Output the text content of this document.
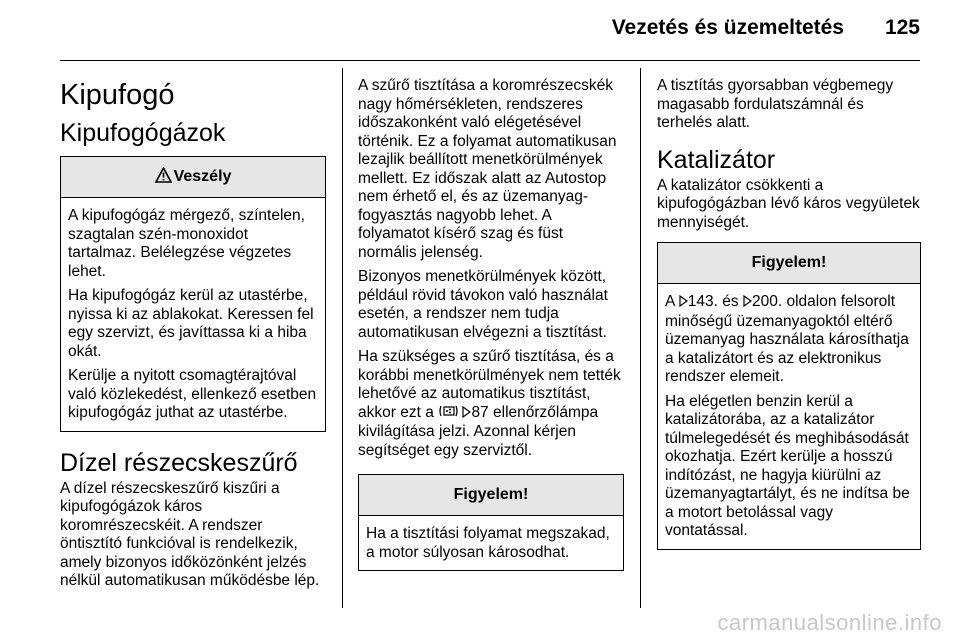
Vezetés és üzemeltetés 125
Kipufogó
Kipufogógázok
Veszély

A kipufogógáz mérgező, színtelen, szagtalan szén-monoxidot tartalmaz. Belélegzése végzetes lehet.

Ha kipufogógáz kerül az utastérbe, nyissa ki az ablakokat. Keressen fel egy szervizt, és javíttassa ki a hiba okát.

Kerülje a nyitott csomagtérajtóval való közlekedést, ellenkező esetben kipufogógáz juthat az utastérbe.

Dízel részecskeszűrő

A dízel részecskeszűrő kiszűri a kipufogógázok káros koromrészecskéit. A rendszer öntisztító funkcióval is rendelkezik, amely bizonyos időközönként jelzés nélkül automatikusan működésbe lép.

A szűrő tisztítása a koromrészecskék nagy hőmérsékleten, rendszeres időszakonként való elégetésével történik. Ez a folyamat automatikusan lezajlik beállított menetkörülmények mellett. Ez időszak alatt az Autostop nem érhető el, és az üzemanyag-fogyasztás nagyobb lehet. A folyamatot kísérő szag és füst normális jelenség.

Bizonyos menetkörülmények között, például rövid távokon való használat esetén, a rendszer nem tudja automatikusan elvégezni a tisztítást.

Ha szükséges a szűrő tisztítása, és a korábbi menetkörülmények nem tették lehetővé az automatikus tisztítást, akkor ezt a 87 ellenőrzőlámpa kivilágítása jelzi. Azonnal kérjen segítséget egy szerviztől.

Figyelem!

Ha a tisztítási folyamat megszakad, a motor súlyosan károsodhat.

A tisztítás gyorsabban végbemegy magasabb fordulatszámnál és terhelés alatt.

Katalizátor

A katalizátor csökkenti a kipufogógázban lévő káros vegyületek mennyiségét.

Figyelem!

A 143. és 200. oldalon felsorolt minőségű üzemanyagoktól eltérő üzemanyag használata károsíthatja a katalizátort és az elektronikus rendszer elemeit.

Ha elégetlen benzin kerül a katalizátorába, az a katalizátor túlmelegedését és meghibásodását okozhatja. Ezért kerülje a hosszú indítózást, ne hagyja kiürülni az üzemanyagtartályt, és ne indítsa be a motort betolással vagy vontatással.

carmanualsonline.info
